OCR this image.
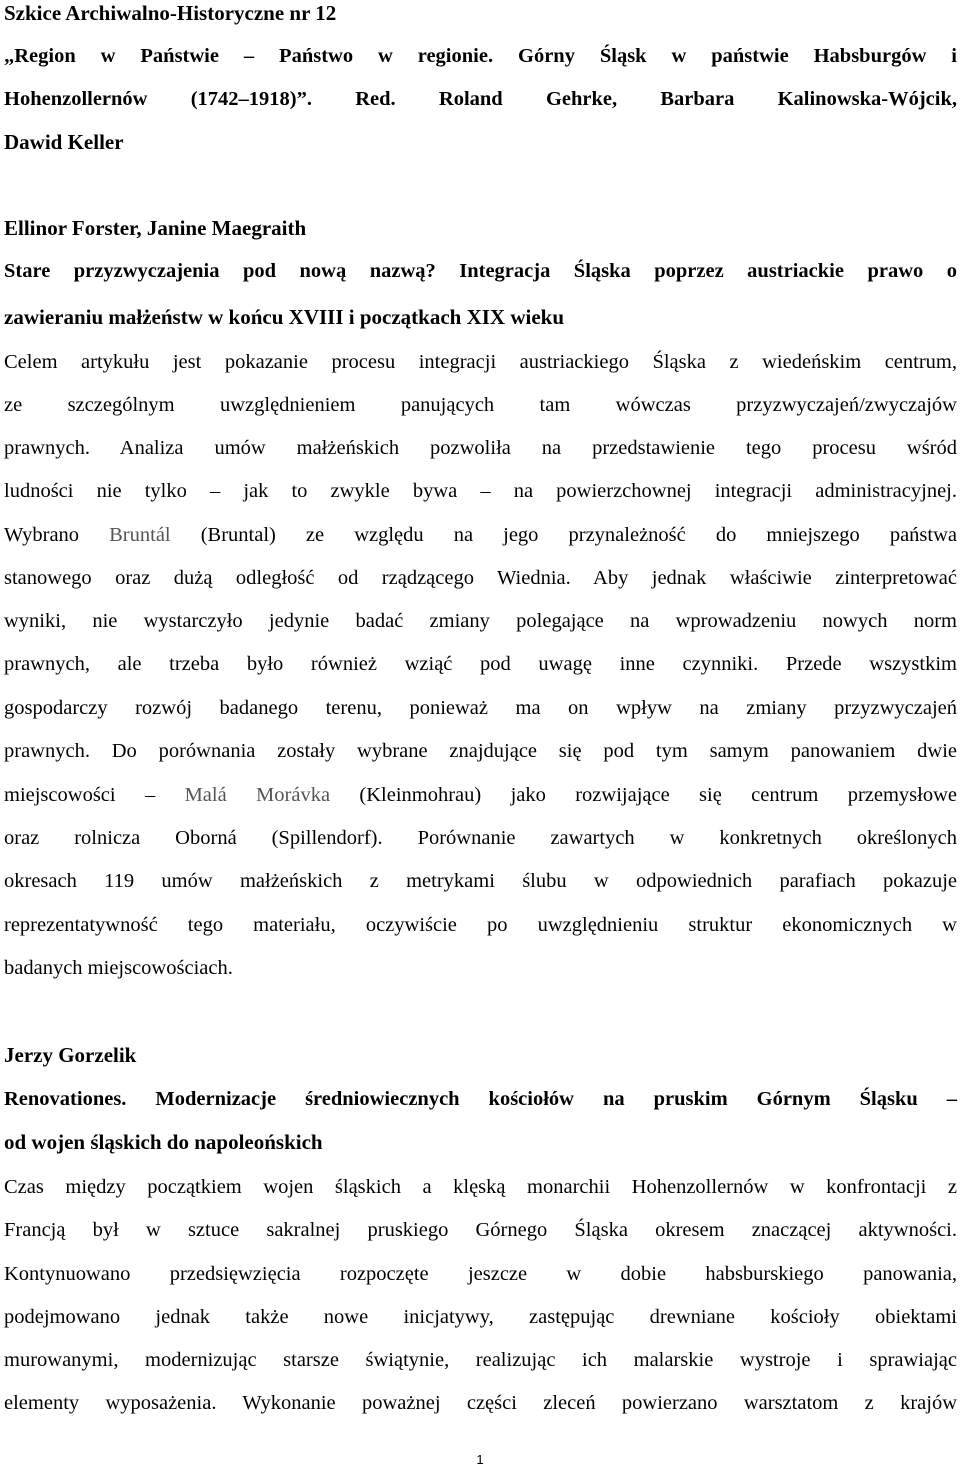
Szkice Archiwalno-Historyczne nr 12
„Region w Państwie – Państwo w regionie. Górny Śląsk w państwie Habsburgów i
Hohenzollernów (1742–1918)”. Red. Roland Gehrke, Barbara Kalinowska-Wójcik,
Dawid Keller
Ellinor Forster, Janine Maegraith
Stare przyzwyczajenia pod nową nazwą? Integracja Śląska poprzez austriackie prawo o
zawieraniu małżeństw w końcu XVIII i początkach XIX wieku
Celem artykułu jest pokazanie procesu integracji austriackiego Śląska z wiedeńskim centrum,
ze szczególnym uwzględnieniem panujących tam wówczas przyzwyczajeń/zwyczajów
prawnych. Analiza umów małżeńskich pozwoliła na przedstawienie tego procesu wśród
ludności nie tylko – jak to zwykle bywa – na powierzchownej integracji administracyjnej.
Wybrano Bruntál (Bruntal) ze względu na jego przynależność do mniejszego państwa
stanowego oraz dużą odległość od rządzącego Wiednia. Aby jednak właściwie zinterpretować
wyniki, nie wystarczyło jedynie badać zmiany polegające na wprowadzeniu nowych norm
prawnych, ale trzeba było również wziąć pod uwagę inne czynniki. Przede wszystkim
gospodarczy rozwój badanego terenu, ponieważ ma on wpływ na zmiany przyzwyczajeń
prawnych. Do porównania zostały wybrane znajdujące się pod tym samym panowaniem dwie
miejscowości – Malá Morávka (Kleinmohrau) jako rozwijające się centrum przemysłowe
oraz rolnicza Oborná (Spillendorf). Porównanie zawartych w konkretnych określonych
okresach 119 umów małżeńskich z metrykami ślubu w odpowiednich parafiach pokazuje
reprezentatywność tego materiału, oczywiście po uwzględnieniu struktur ekonomicznych w
badanych miejscowościach.
Jerzy Gorzelik
Renovationes. Modernizacje średniowiecznych kościołów na pruskim Górnym Śląsku –
od wojen śląskich do napoleońskich
Czas między początkiem wojen śląskich a klęską monarchii Hohenzollernów w konfrontacji z
Francją był w sztuce sakralnej pruskiego Górnego Śląska okresem znaczącej aktywności.
Kontynuowano przedsięwzięcia rozpoczęte jeszcze w dobie habsburskiego panowania,
podejmowano jednak także nowe inicjatywy, zastępując drewniane kościoły obiektami
murowanymi, modernizując starsze świątynie, realizując ich malarskie wystroje i sprawiając
elementy wyposażenia. Wykonanie poważnej części zleceń powierzano warsztatom z krajów
1
